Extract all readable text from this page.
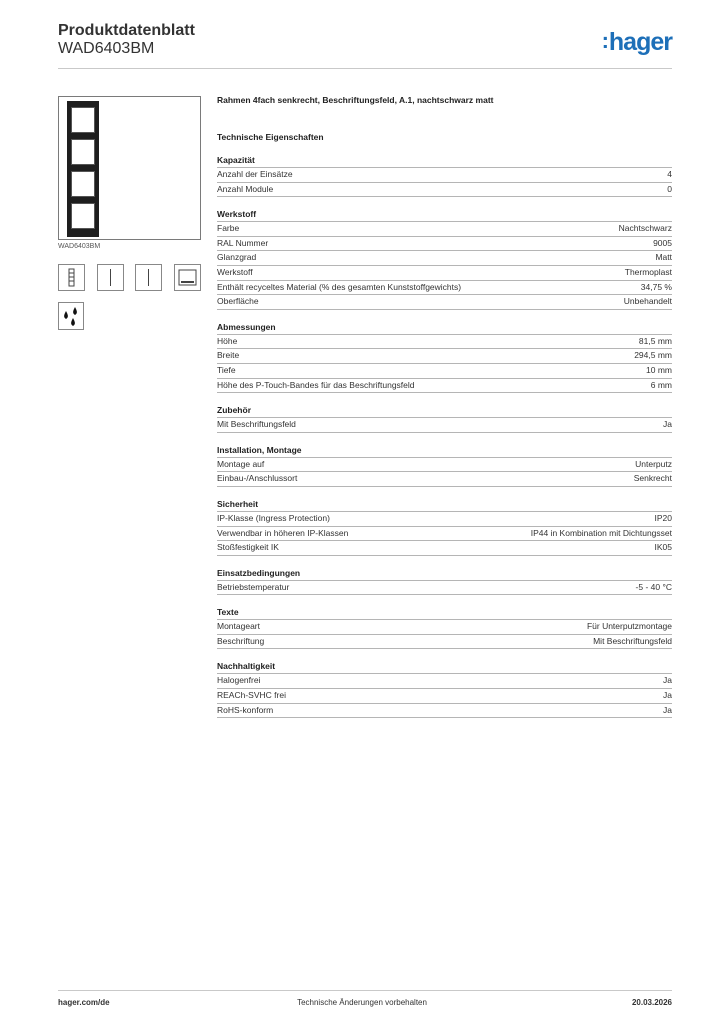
Produktdatenblatt
WAD6403BM	:hager
WAD6403BM
Rahmen 4fach senkrecht, Beschriftungsfeld, A.1, nachtschwarz matt
Technische Eigenschaften
Kapazität
Anzahl der Einsätze	4
Anzahl Module	0
Werkstoff
Farbe	Nachtschwarz
RAL Nummer	9005
Glanzgrad	Matt
Werkstoff	Thermoplast
Enthält recyceltes Material (% des gesamten Kunststoffgewichts)	34,75 %
Oberfläche	Unbehandelt
Abmessungen
Höhe	81,5 mm
Breite	294,5 mm
Tiefe	10 mm
Höhe des P-Touch-Bandes für das Beschriftungsfeld	6 mm
Zubehör
Mit Beschriftungsfeld	Ja
Installation, Montage
Montage auf	Unterputz
Einbau-/Anschlussort	Senkrecht
Sicherheit
IP-Klasse (Ingress Protection)	IP20
Verwendbar in höheren IP-Klassen	IP44 in Kombination mit Dichtungsset
Stoßfestigkeit IK	IK05
Einsatzbedingungen
Betriebstemperatur	-5 - 40 °C
Texte
Montageart	Für Unterputzmontage
Beschriftung	Mit Beschriftungsfeld
Nachhaltigkeit
Halogenfrei	Ja
REACh-SVHC frei	Ja
RoHS-konform	Ja
hager.com/de	Technische Änderungen vorbehalten	20.03.2026
